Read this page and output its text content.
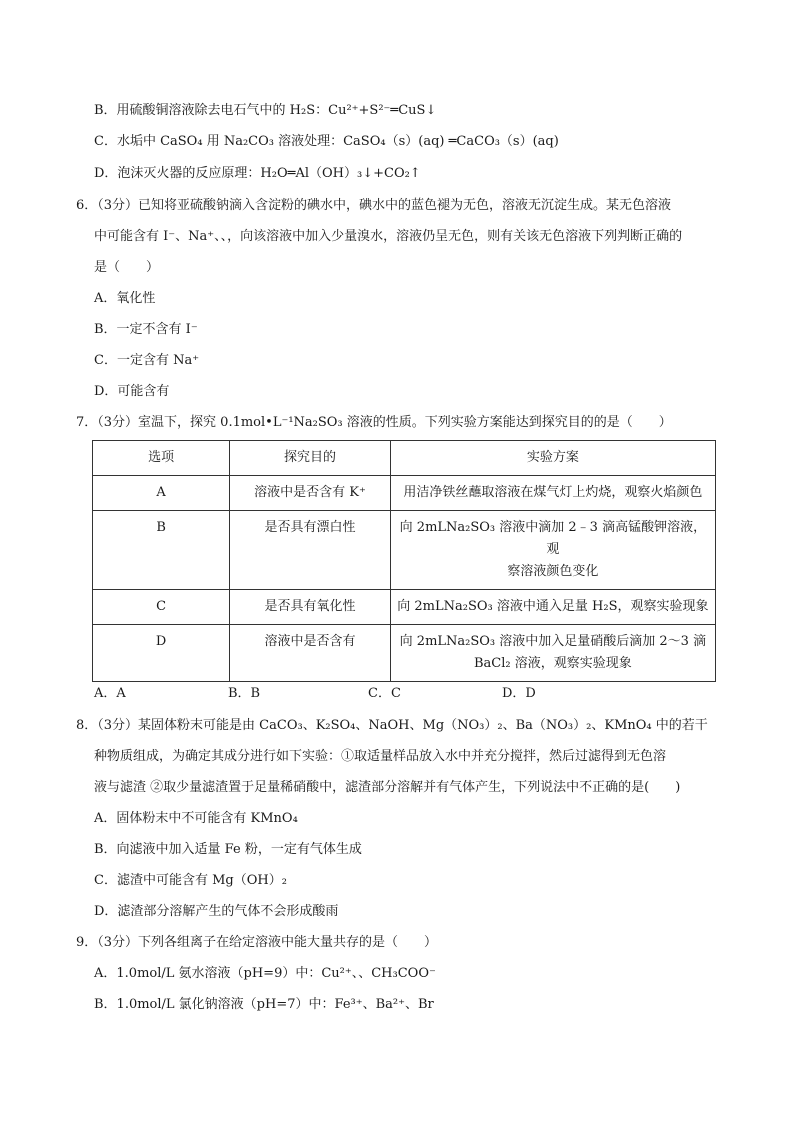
B．用硫酸铜溶液除去电石气中的 H₂S：Cu²⁺+S²⁻═CuS↓
C．水垢中 CaSO₄ 用 Na₂CO₃ 溶液处理：CaSO₄（s）(aq) ═CaCO₃（s）(aq)
D．泡沫灭火器的反应原理：H₂O═Al（OH）₃↓+CO₂↑
6．（3分）已知将亚硫酸钠滴入含淀粉的碘水中，碘水中的蓝色褪为无色，溶液无沉淀生成。某无色溶液
中可能含有 I⁻、Na⁺、、，向该溶液中加入少量溴水，溶液仍呈无色，则有关该无色溶液下列判断正确的
是（　　）
A．氧化性
B．一定不含有 I⁻
C．一定含有 Na⁺
D．可能含有
7．（3分）室温下，探究 0.1mol•L⁻¹Na₂SO₃ 溶液的性质。下列实验方案能达到探究目的的是（　　）
选项	探究目的	实验方案
A	溶液中是否含有 K⁺	用洁净铁丝蘸取溶液在煤气灯上灼烧，观察火焰颜色

B	是否具有漂白性	向 2mLNa₂SO₃ 溶液中滴加 2﹣3 滴高锰酸钾溶液，观
察溶液颜色变化

C	是否具有氧化性	向 2mLNa₂SO₃ 溶液中通入足量 H₂S，观察实验现象

D	溶液中是否含有	向 2mLNa₂SO₃ 溶液中加入足量硝酸后滴加 2～3 滴
BaCl₂ 溶液，观察实验现象
A．A	B．B	C．C	D．D
8．（3分）某固体粉末可能是由 CaCO₃、K₂SO₄、NaOH、Mg（NO₃）₂、Ba（NO₃）₂、KMnO₄ 中的若干
种物质组成，为确定其成分进行如下实验：①取适量样品放入水中并充分搅拌，然后过滤得到无色溶
液与滤渣 ②取少量滤渣置于足量稀硝酸中，滤渣部分溶解并有气体产生，下列说法中不正确的是(　　)
A．固体粉末中不可能含有 KMnO₄
B．向滤液中加入适量 Fe 粉，一定有气体生成
C．滤渣中可能含有 Mg（OH）₂
D．滤渣部分溶解产生的气体不会形成酸雨
9．（3分）下列各组离子在给定溶液中能大量共存的是（　　）
A．1.0mol/L 氨水溶液（pH=9）中：Cu²⁺、、CH₃COO⁻
B．1.0mol/L 氯化钠溶液（pH=7）中：Fe³⁺、Ba²⁺、Br
